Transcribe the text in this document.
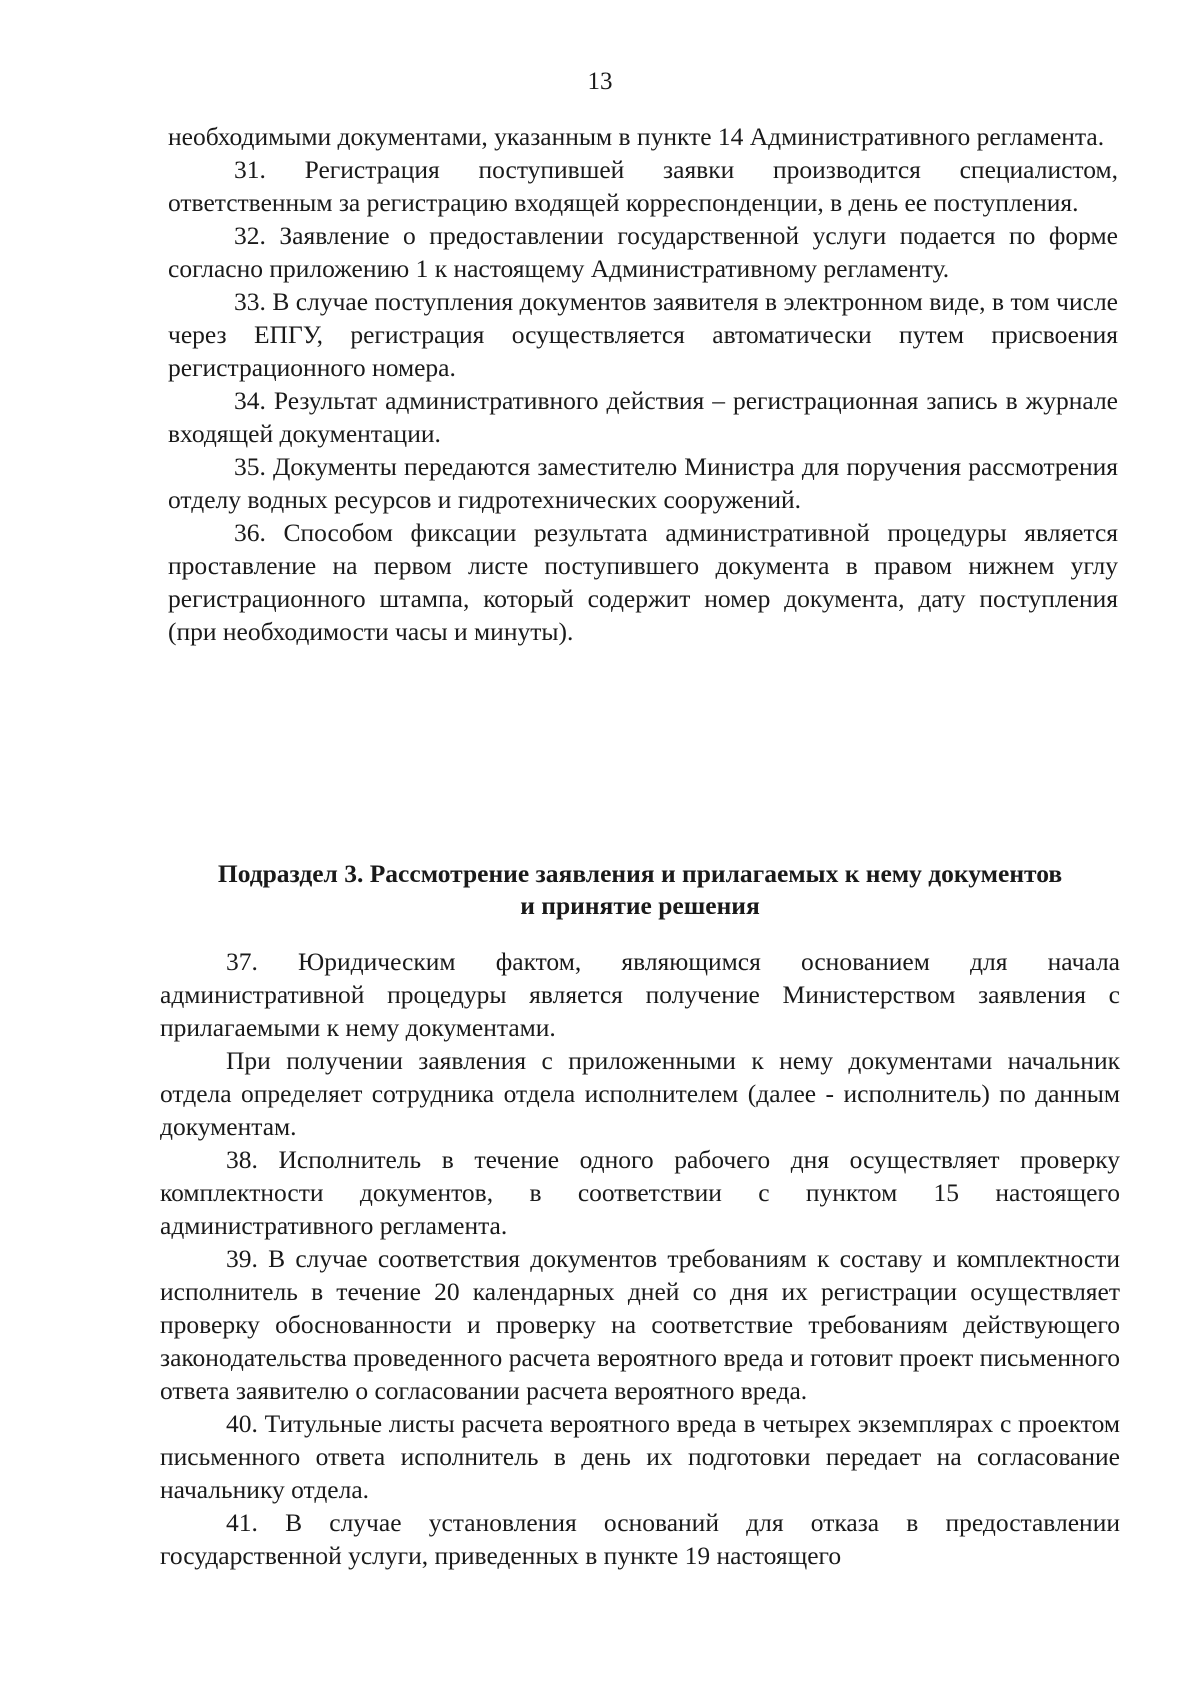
13

необходимыми документами, указанным в пункте 14 Административного регламента.

31. Регистрация поступившей заявки производится специалистом, ответственным за регистрацию входящей корреспонденции, в день ее поступления.

32. Заявление о предоставлении государственной услуги подается по форме согласно приложению 1 к настоящему Административному регламенту.

33. В случае поступления документов заявителя в электронном виде, в том числе через ЕПГУ, регистрация осуществляется автоматически путем присвоения регистрационного номера.

34. Результат административного действия – регистрационная запись в журнале входящей документации.

35. Документы передаются заместителю Министра для поручения рассмотрения отделу водных ресурсов и гидротехнических сооружений.

36. Способом фиксации результата административной процедуры является проставление на первом листе поступившего документа в правом нижнем углу регистрационного штампа, который содержит номер документа, дату поступления (при необходимости часы и минуты).

Подраздел 3. Рассмотрение заявления и прилагаемых к нему документов
и принятие решения

37. Юридическим фактом, являющимся основанием для начала административной процедуры является получение Министерством заявления с прилагаемыми к нему документами.

При получении заявления с приложенными к нему документами начальник отдела определяет сотрудника отдела исполнителем (далее - исполнитель) по данным документам.

38. Исполнитель в течение одного рабочего дня осуществляет проверку комплектности документов, в соответствии с пунктом 15 настоящего административного регламента.

39. В случае соответствия документов требованиям к составу и комплектности исполнитель в течение 20 календарных дней со дня их регистрации осуществляет проверку обоснованности и проверку на соответствие требованиям действующего законодательства проведенного расчета вероятного вреда и готовит проект письменного ответа заявителю о согласовании расчета вероятного вреда.

40. Титульные листы расчета вероятного вреда в четырех экземплярах с проектом письменного ответа исполнитель в день их подготовки передает на согласование начальнику отдела.

41. В случае установления оснований для отказа в предоставлении государственной услуги, приведенных в пункте 19 настоящего
